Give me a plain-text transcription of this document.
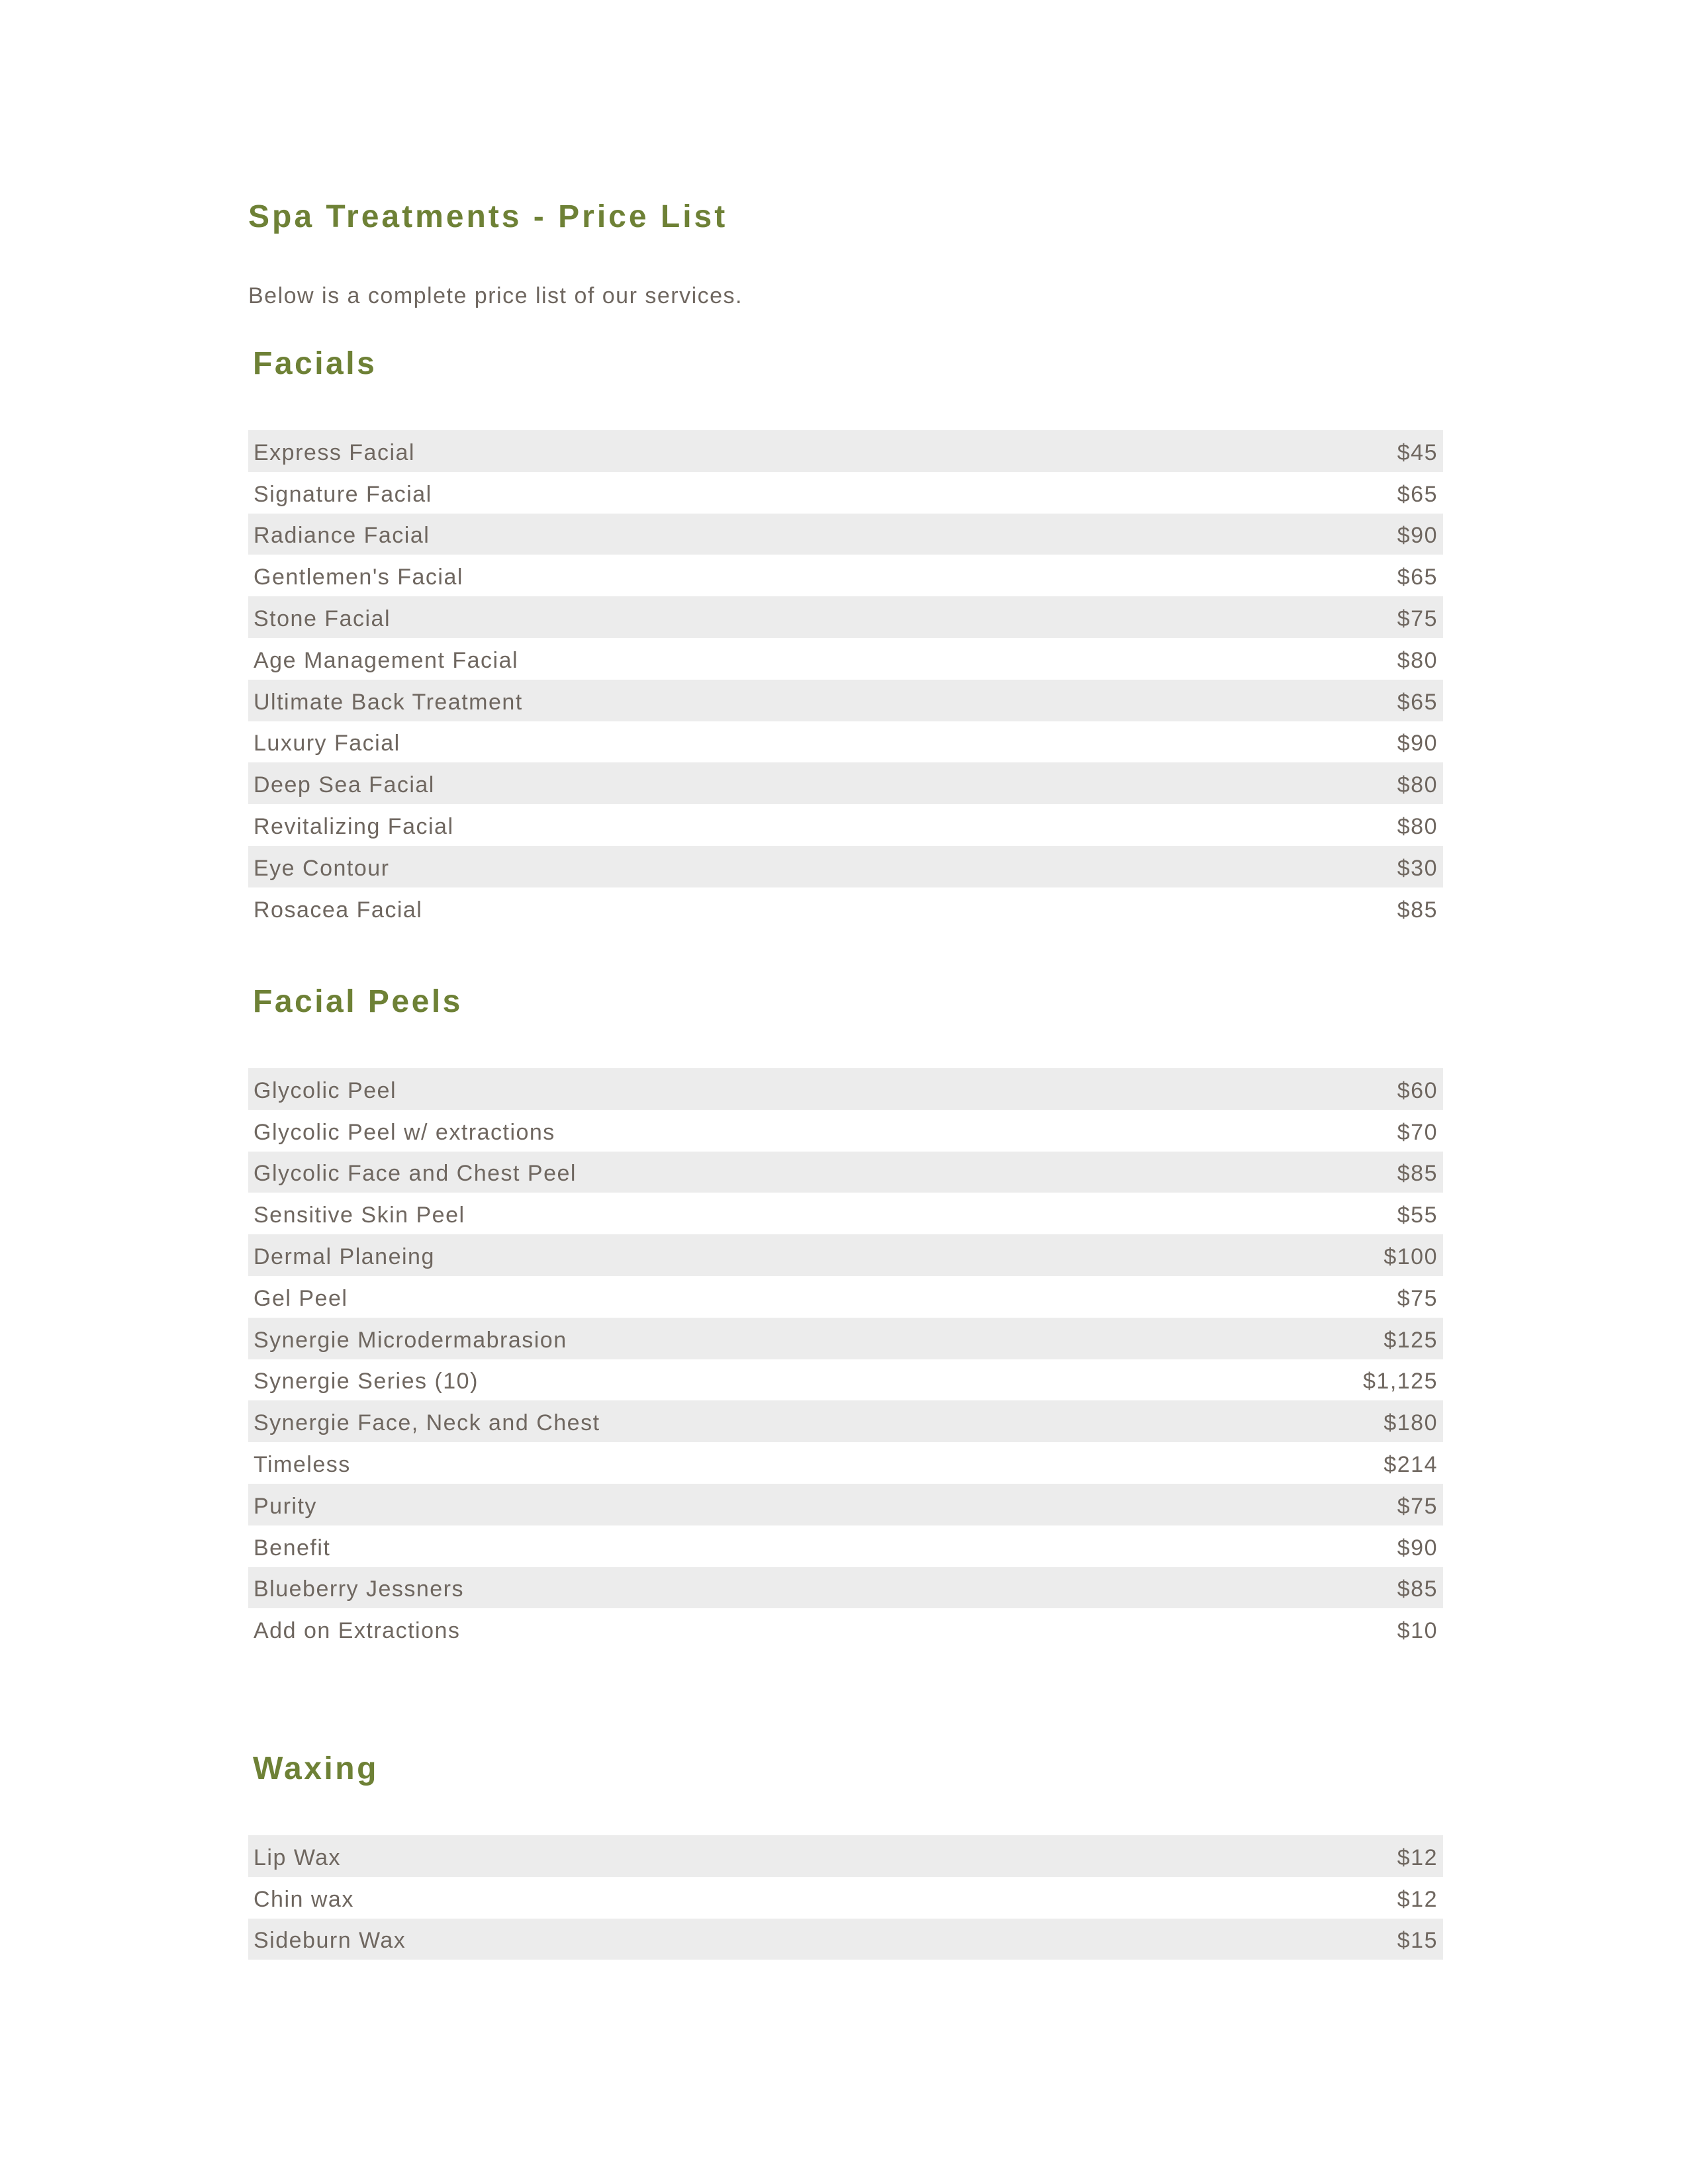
Spa Treatments - Price List

Below is a complete price list of our services.

Facials
Express Facial	$45
Signature Facial	$65
Radiance Facial	$90
Gentlemen's Facial	$65
Stone Facial	$75
Age Management Facial	$80
Ultimate Back Treatment	$65
Luxury Facial	$90
Deep Sea Facial	$80
Revitalizing Facial	$80
Eye Contour	$30
Rosacea Facial	$85
Facial Peels
Glycolic Peel	$60
Glycolic Peel w/ extractions	$70
Glycolic Face and Chest Peel	$85
Sensitive Skin Peel	$55
Dermal Planeing	$100
Gel Peel	$75
Synergie Microdermabrasion	$125
Synergie Series (10)	$1,125
Synergie Face, Neck and Chest	$180
Timeless	$214
Purity	$75
Benefit	$90
Blueberry Jessners	$85
Add on Extractions	$10
Waxing
Lip Wax	$12
Chin wax	$12
Sideburn Wax	$15
